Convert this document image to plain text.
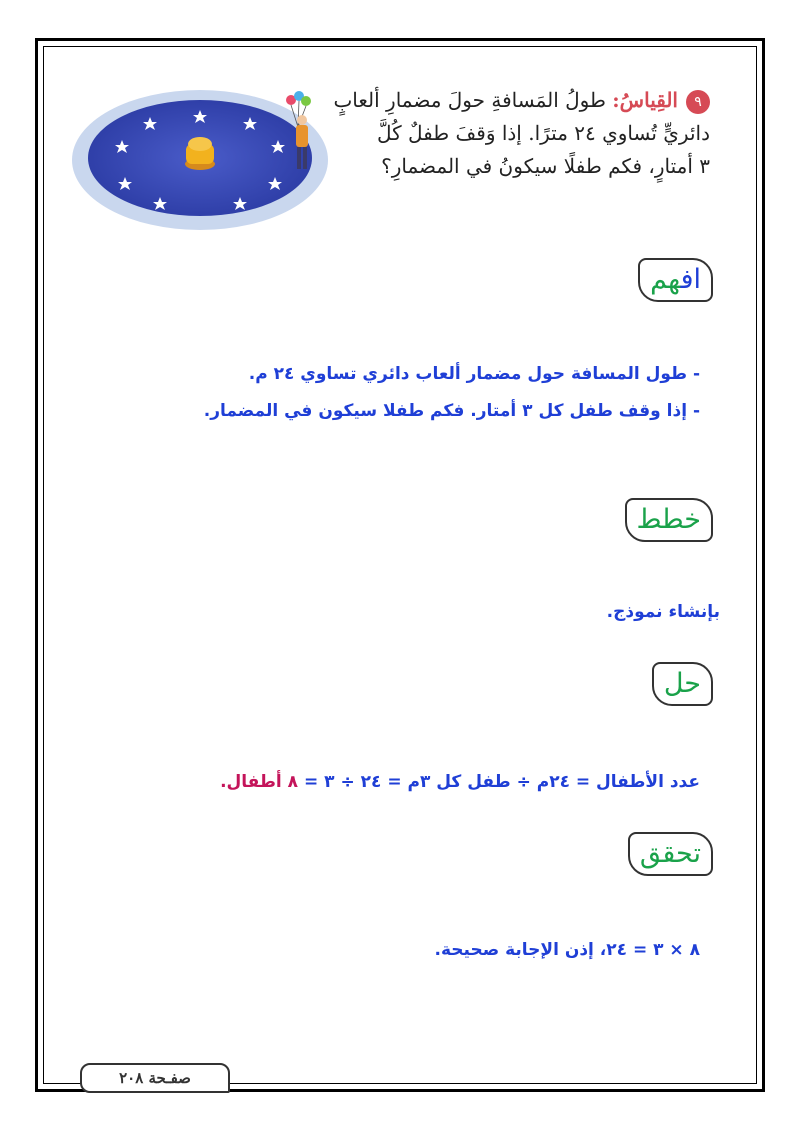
٩القِياسُ: طولُ المَسافةِ حولَ مضمارِ ألعابٍ
دائريٍّ تُساوي ٢٤ مترًا. إذا وَقفَ طفلٌ كُلَّ
٣ أمتارٍ، فكم طفلًا سيكونُ في المضمارِ؟
افهم
- طول المسافة حول مضمار ألعاب دائري تساوي ٢٤ م.
- إذا وقف طفل كل ٣ أمتار. فكم طفلا سيكون في المضمار.
خطط
بإنشاء نموذج.
حل
عدد الأطفال = ٢٤م ÷ طفل كل ٣م = ٢٤ ÷ ٣ = ٨ أطفال.
تحقق
٨ × ٣ = ٢٤، إذن الإجابة صحيحة.
صفـحة ٢٠٨
